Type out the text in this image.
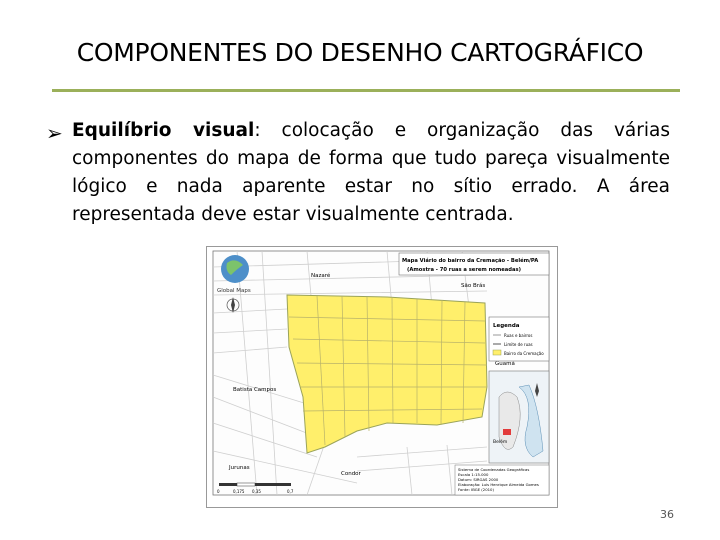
COMPONENTES DO DESENHO CARTOGRÁFICO
➢ Equilíbrio visual: colocação e organização das várias componentes do mapa de forma que tudo pareça visualmente lógico e nada aparente estar no sítio errado. A área representada deve estar visualmente centrada.
Global Maps
Nazaré
São Brás
Batista Campos
Jurunas
Condor
Guamá
Mapa Viário do bairro da Cremação - Belém/PA
(Amostra - 70 ruas a serem nomeadas)
Legenda
Ruas e bairros
Limite de ruas
Bairro da Cremação
Belém
Sistema de Coordenadas Geográficas
Escala 1:15.000
Datum: SIRGAS 2000
Elaboração: Luis Henrique Almeida Gomes
Fonte: IBGE (2010)
0	0,175 0,35	0,7
36
